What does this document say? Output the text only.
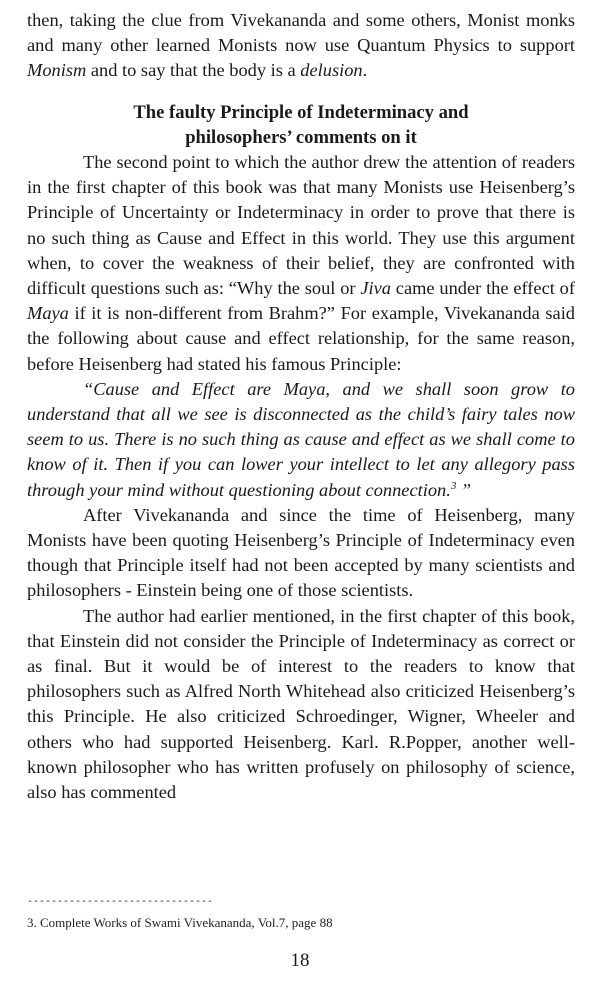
then, taking the clue from Vivekananda and some others, Monist monks and many other learned Monists now use Quantum Physics to support Monism and to say that the body is a delusion.

The faulty Principle of Indeterminacy and
philosophers’ comments on it

The second point to which the author drew the attention of readers in the first chapter of this book was that many Monists use Heisenberg’s Principle of Uncertainty or Indeterminacy in order to prove that there is no such thing as Cause and Effect in this world. They use this argument when, to cover the weakness of their belief, they are confronted with difficult questions such as: “Why the soul or Jiva came under the effect of Maya if it is non-different from Brahm?” For example, Vivekananda said the following about cause and effect relationship, for the same reason, before Heisenberg had stated his famous Principle:

“Cause and Effect are Maya, and we shall soon grow to understand that all we see is disconnected as the child’s fairy tales now seem to us. There is no such thing as cause and effect as we shall come to know of it. Then if you can lower your intellect to let any allegory pass through your mind without questioning about connection.$^3$ ”

After Vivekananda and since the time of Heisenberg, many Monists have been quoting Heisenberg’s Principle of Indeterminacy even though that Principle itself had not been accepted by many scientists and philosophers - Einstein being one of those scientists.

The author had earlier mentioned, in the first chapter of this book, that Einstein did not consider the Principle of Indeterminacy as correct or as final. But it would be of interest to the readers to know that philosophers such as Alfred North Whitehead also criticized Heisenberg’s this Principle. He also criticized Schroedinger, Wigner, Wheeler and others who had supported Heisenberg. Karl. R.Popper, another well-known philosopher who has written profusely on philosophy of science, also has commented

-------------------------------
3. Complete Works of Swami Vivekananda, Vol.7, page 88
18
